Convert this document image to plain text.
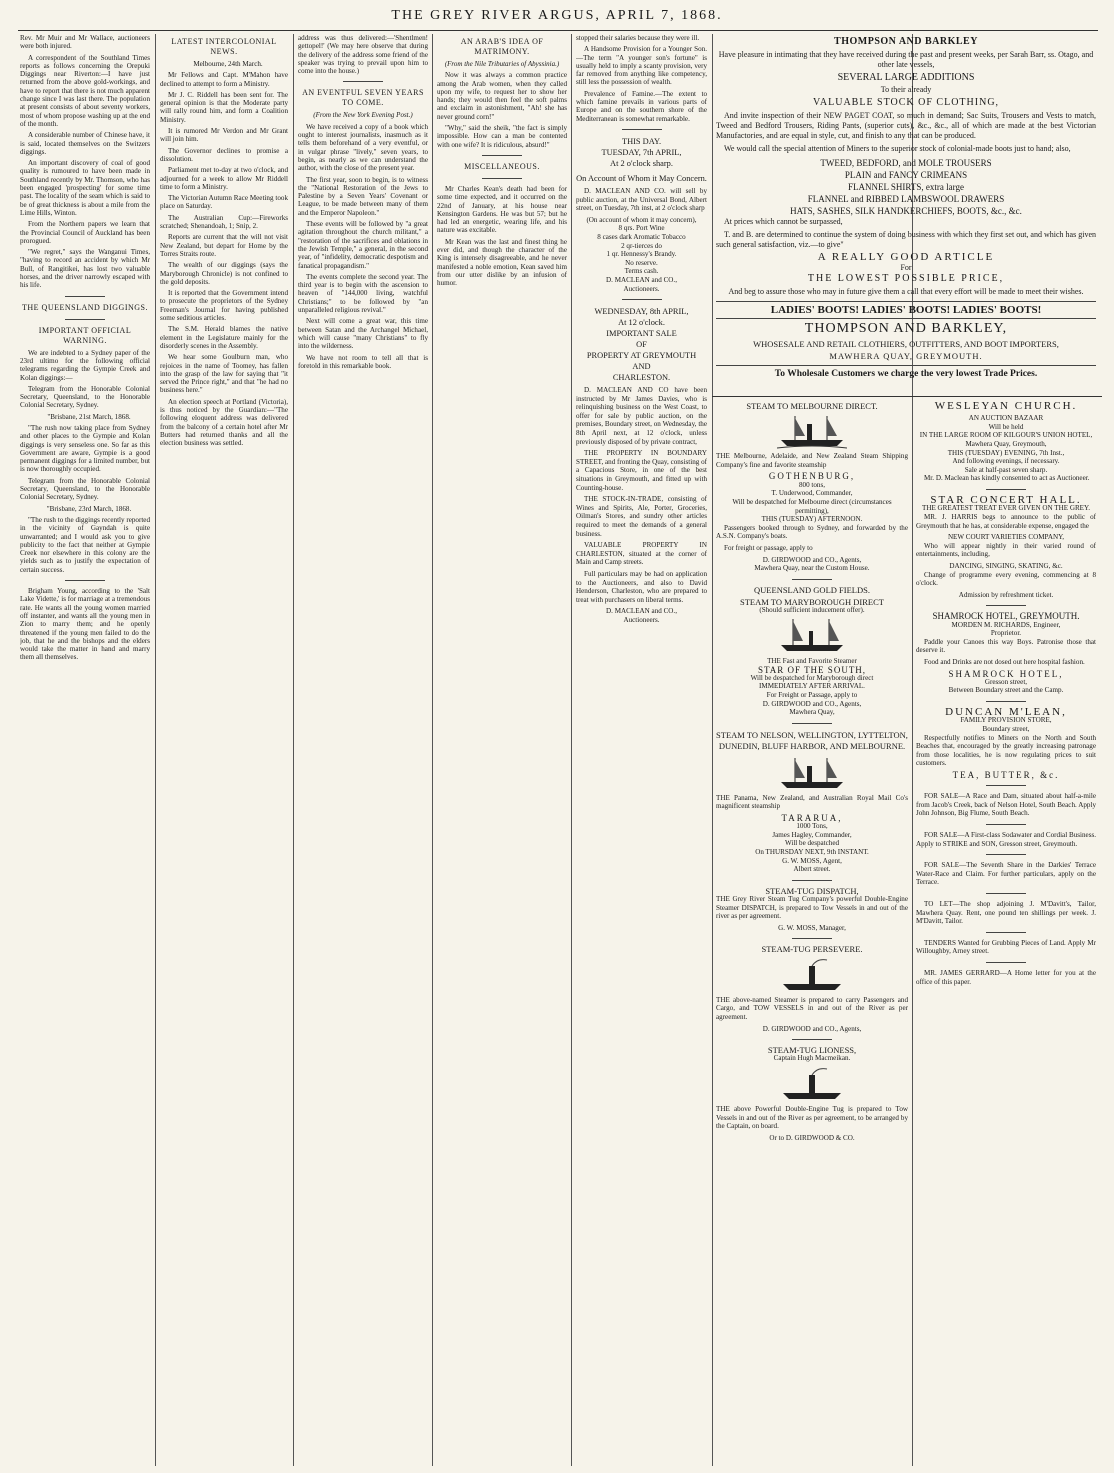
THE GREY RIVER ARGUS, APRIL 7, 1868.

Rev. Mr Muir and Mr Wallace, auctioneers were both injured.

A correspondent of the Southland Times reports as follows concerning the Orepuki Diggings near Riverton:—I have just returned from the above gold-workings, and have to report that there is not much apparent change since I was last there. The population at present consists of about seventy workers, most of whom propose washing up at the end of the month.

A considerable number of Chinese have, it is said, located themselves on the Switzers diggings.

An important discovery of coal of good quality is rumoured to have been made in Southland recently by Mr. Thomson, who has been engaged 'prospecting' for some time past. The locality of the seam which is said to be of great thickness is about a mile from the Lime Hills, Winton.

From the Northern papers we learn that the Provincial Council of Auckland has been prorogued.

"We regret," says the Wanganui Times, "having to record an accident by which Mr Bull, of Rangitikei, has lost two valuable horses, and the driver narrowly escaped with his life.

THE QUEENSLAND DIGGINGS.
IMPORTANT OFFICIAL WARNING.

We are indebted to a Sydney paper of the 23rd ultimo for the following official telegrams regarding the Gympie Creek and Kolan diggings:—

Telegram from the Honorable Colonial Secretary, Queensland, to the Honorable Colonial Secretary, Sydney.

"Brisbane, 21st March, 1868.

"The rush now taking place from Sydney and other places to the Gympie and Kolan diggings is very senseless one. So far as this Government are aware, Gympie is a good permanent diggings for a limited number, but is now thoroughly occupied.

Telegram from the Honorable Colonial Secretary, Queensland, to the Honorable Colonial Secretary, Sydney.

"Brisbane, 23rd March, 1868.

"The rush to the diggings recently reported in the vicinity of Gayndah is quite unwarranted; and I would ask you to give publicity to the fact that neither at Gympie Creek nor elsewhere in this colony are the yields such as to justify the expectation of certain success.

Brigham Young, according to the 'Salt Lake Vidette,' is for marriage at a tremendous rate. He wants all the young women married off instanter, and wants all the young men in Zion to marry them; and he openly threatened if the young men failed to do the job, that he and the bishops and the elders would take the matter in hand and marry them all themselves.

LATEST INTERCOLONIAL NEWS.

Melbourne, 24th March.

Mr Fellows and Capt. M'Mahon have declined to attempt to form a Ministry.

Mr J. C. Riddell has been sent for. The general opinion is that the Moderate party will rally round him, and form a Coalition Ministry.

It is rumored Mr Verdon and Mr Grant will join him.

The Governor declines to promise a dissolution.

Parliament met to-day at two o'clock, and adjourned for a week to allow Mr Riddell time to form a Ministry.

The Victorian Autumn Race Meeting took place on Saturday.

The Australian Cup:—Fireworks scratched; Shenandoah, 1; Snip, 2.

Reports are current that the will not visit New Zealand, but depart for Home by the Torres Straits route.

The wealth of our diggings (says the Maryborough Chronicle) is not confined to the gold deposits.

It is reported that the Government intend to prosecute the proprietors of the Sydney Freeman's Journal for having published some seditious articles.

The S.M. Herald blames the native element in the Legislature mainly for the disorderly scenes in the Assembly.

We hear some Goulburn man, who rejoices in the name of Toomey, has fallen into the grasp of the law for saying that "it served the Prince right," and that "he had no business here."

An election speech at Portland (Victoria), is thus noticed by the Guardian:—"The following eloquent address was delivered from the balcony of a certain hotel after Mr Butters had returned thanks and all the election business was settled.

address was thus delivered:—'Shentlmen! gettopel!' (We may here observe that during the delivery of the address some friend of the speaker was trying to prevail upon him to come into the house.)

AN EVENTFUL SEVEN YEARS TO COME.
(From the New York Evening Post.)

We have received a copy of a book which ought to interest journalists, inasmuch as it tells them beforehand of a very eventful, or in vulgar phrase "lively," seven years, to begin, as nearly as we can understand the author, with the close of the present year.

The first year, soon to begin, is to witness the "National Restoration of the Jews to Palestine by a Seven Years' Covenant or League, to be made between many of them and the Emperor Napoleon."

These events will be followed by "a great agitation throughout the church militant," a "restoration of the sacrifices and oblations in the Jewish Temple," a general, in the second year, of "infidelity, democratic despotism and fanatical propagandism."

The events complete the second year. The third year is to begin with the ascension to heaven of "144,000 living, watchful Christians;" to be followed by "an unparalleled religious revival."

Next will come a great war, this time between Satan and the Archangel Michael, which will cause "many Christians" to fly into the wilderness.

We have not room to tell all that is foretold in this remarkable book.

AN ARAB'S IDEA OF MATRIMONY.
(From the Nile Tributaries of Abyssinia.)

Now it was always a common practice among the Arab women, when they called upon my wife, to request her to show her hands; they would then feel the soft palms and exclaim in astonishment, "Ah! she has never ground corn!"

"Why," said the sheik, "the fact is simply impossible. How can a man be contented with one wife? It is ridiculous, absurd!"

MISCELLANEOUS.

Mr Charles Kean's death had been for some time expected, and it occurred on the 22nd of January, at his house near Kensington Gardens. He was but 57; but he had led an energetic, wearing life, and his nature was excitable.

Mr Kean was the last and finest thing he ever did, and though the character of the King is intensely disagreeable, and he never manifested a noble emotion, Kean saved him from our utter dislike by an infusion of humor.

stopped their salaries because they were ill.

A Handsome Provision for a Younger Son.—The term "A younger son's fortune" is usually held to imply a scanty provision, very far removed from anything like competency, still less the possession of wealth.

Prevalence of Famine.—The extent to which famine prevails in various parts of Europe and on the southern shore of the Mediterranean is somewhat remarkable.

THIS DAY.
TUESDAY, 7th APRIL,
At 2 o'clock sharp.
On Account of Whom it May Concern.

D. MACLEAN AND CO. will sell by public auction, at the Universal Bond, Albert street, on Tuesday, 7th inst, at 2 o'clock sharp

(On account of whom it may concern),
8 qrs. Port Wine
8 cases dark Aromatic Tobacco
2 qr-tierces do
1 qr. Hennessy's Brandy.
No reserve.
Terms cash.
D. MACLEAN and CO.,
Auctioneers.
WEDNESDAY, 8th APRIL,
At 12 o'clock.
IMPORTANT SALE
OF
PROPERTY AT GREYMOUTH
AND
CHARLESTON.

D. MACLEAN AND CO have been instructed by Mr James Davies, who is relinquishing business on the West Coast, to offer for sale by public auction, on the premises, Boundary street, on Wednesday, the 8th April next, at 12 o'clock, unless previously disposed of by private contract,

THE PROPERTY IN BOUNDARY STREET, and fronting the Quay, consisting of a Capacious Store, in one of the best situations in Greymouth, and fitted up with Counting-house.

THE STOCK-IN-TRADE, consisting of Wines and Spirits, Ale, Porter, Groceries, Oilman's Stores, and sundry other articles required to meet the demands of a general business.

VALUABLE PROPERTY IN CHARLESTON, situated at the corner of Main and Camp streets.

Full particulars may be had on application to the Auctioneers, and also to David Henderson, Charleston, who are prepared to treat with purchasers on liberal terms.

D. MACLEAN and CO.,
Auctioneers.
THOMPSON AND BARKLEY

Have pleasure in intimating that they have received during the past and present weeks, per Sarah Barr, ss. Otago, and other late vessels,

SEVERAL LARGE ADDITIONS
To their already
VALUABLE STOCK OF CLOTHING,

And invite inspection of their NEW PAGET COAT, so much in demand; Sac Suits, Trousers and Vests to match, Tweed and Bedford Trousers, Riding Pants, (superior cuts), &c., &c., all of which are made at the best Victorian Manufactories, and are equal in style, cut, and finish to any that can be produced.

We would call the special attention of Miners to the superior stock of colonial-made boots just to hand; also,

TWEED, BEDFORD, and MOLE TROUSERS
PLAIN and FANCY CRIMEANS
FLANNEL SHIRTS, extra large
FLANNEL and RIBBED LAMBSWOOL DRAWERS
HATS, SASHES, SILK HANDKERCHIEFS, BOOTS, &c., &c.

At prices which cannot be surpassed,

T. and B. are determined to continue the system of doing business with which they first set out, and which has given such general satisfaction, viz.—to give"

A REALLY GOOD ARTICLE
For
THE LOWEST POSSIBLE PRICE,

And beg to assure those who may in future give them a call that every effort will be made to meet their wishes.

LADIES' BOOTS! LADIES' BOOTS! LADIES' BOOTS!
THOMPSON AND BARKLEY,
WHOSESALE AND RETAIL CLOTHIERS, OUTFITTERS, AND BOOT IMPORTERS,
MAWHERA QUAY, GREYMOUTH.
To Wholesale Customers we charge the very lowest Trade Prices.
STEAM TO MELBOURNE DIRECT.

THE Melbourne, Adelaide, and New Zealand Steam Shipping Company's fine and favorite steamship

GOTHENBURG,
800 tons,
T. Underwood, Commander,
Will be despatched for Melbourne direct (circumstances permitting),
THIS (TUESDAY) AFTERNOON.

Passengers booked through to Sydney, and forwarded by the A.S.N. Company's boats.

For freight or passage, apply to

D. GIRDWOOD and CO., Agents,
Mawhera Quay, near the Custom House.
QUEENSLAND GOLD FIELDS.
STEAM TO MARYBOROUGH DIRECT
(Should sufficient inducement offer).
THE Fast and Favorite Steamer
STAR OF THE SOUTH,
Will be despatched for Maryborough direct
IMMEDIATELY AFTER ARRIVAL.
For Freight or Passage, apply to
D. GIRDWOOD and CO., Agents,
Mawhera Quay,
STEAM TO NELSON, WELLINGTON, LYTTELTON, DUNEDIN, BLUFF HARBOR, AND MELBOURNE.

THE Panama, New Zealand, and Australian Royal Mail Co's magnificent steamship

TARARUA,
1000 Tons,
James Hagley, Commander,
Will be despatched
On THURSDAY NEXT, 9th INSTANT.
G. W. MOSS, Agent,
Albert street.
STEAM-TUG DISPATCH,

THE Grey River Steam Tug Company's powerful Double-Engine Steamer DISPATCH, is prepared to Tow Vessels in and out of the river as per agreement.

G. W. MOSS, Manager,
STEAM-TUG PERSEVERE.

THE above-named Steamer is prepared to carry Passengers and Cargo, and TOW VESSELS in and out of the River as per agreement.

D. GIRDWOOD and CO., Agents,
STEAM-TUG LIONESS,
Captain Hugh Macmeikan.

THE above Powerful Double-Engine Tug is prepared to Tow Vessels in and out of the River as per agreement, to be arranged by the Captain, on board.

Or to D. GIRDWOOD & CO.
WESLEYAN CHURCH.
AN AUCTION BAZAAR
Will be held
IN THE LARGE ROOM OF KILGOUR'S UNION HOTEL,
Mawhera Quay, Greymouth,
THIS (TUESDAY) EVENING, 7th Inst.,
And following evenings, if necessary.
Sale at half-past seven sharp.

Mr. D. Maclean has kindly consented to act as Auctioneer.

STAR CONCERT HALL.
THE GREATEST TREAT EVER GIVEN ON THE GREY.

MR. J. HARRIS begs to announce to the public of Greymouth that he has, at considerable expense, engaged the

NEW COURT VARIETIES COMPANY,

Who will appear nightly in their varied round of entertainments, including,

DANCING, SINGING, SKATING, &c.

Change of programme every evening, commencing at 8 o'clock.

Admission by refreshment ticket.
SHAMROCK HOTEL, GREYMOUTH.
MORDEN M. RICHARDS, Engineer,
Proprietor.

Paddle your Canoes this way Boys. Patronise those that deserve it.

Food and Drinks are not dosed out here hospital fashion.

SHAMROCK HOTEL,
Gresson street,
Between Boundary street and the Camp.
DUNCAN M'LEAN,
FAMILY PROVISION STORE,
Boundary street,

Respectfully notifies to Miners on the North and South Beaches that, encouraged by the greatly increasing patronage from those localities, he is now regulating prices to suit customers.

TEA, BUTTER, &c.

FOR SALE—A Race and Dam, situated about half-a-mile from Jacob's Creek, back of Nelson Hotel, South Beach. Apply John Johnson, Big Flume, South Beach.

FOR SALE—A First-class Sodawater and Cordial Business. Apply to STRIKE and SON, Gresson street, Greymouth.

FOR SALE—The Seventh Share in the Darkies' Terrace Water-Race and Claim. For further particulars, apply on the Terrace.

TO LET—The shop adjoining J. M'Davitt's, Tailor, Mawhera Quay. Rent, one pound ten shillings per week. J. M'Davitt, Tailor.

TENDERS Wanted for Grubbing Pieces of Land. Apply Mr Willoughby, Arney street.

MR. JAMES GERRARD—A Home letter for you at the office of this paper.
